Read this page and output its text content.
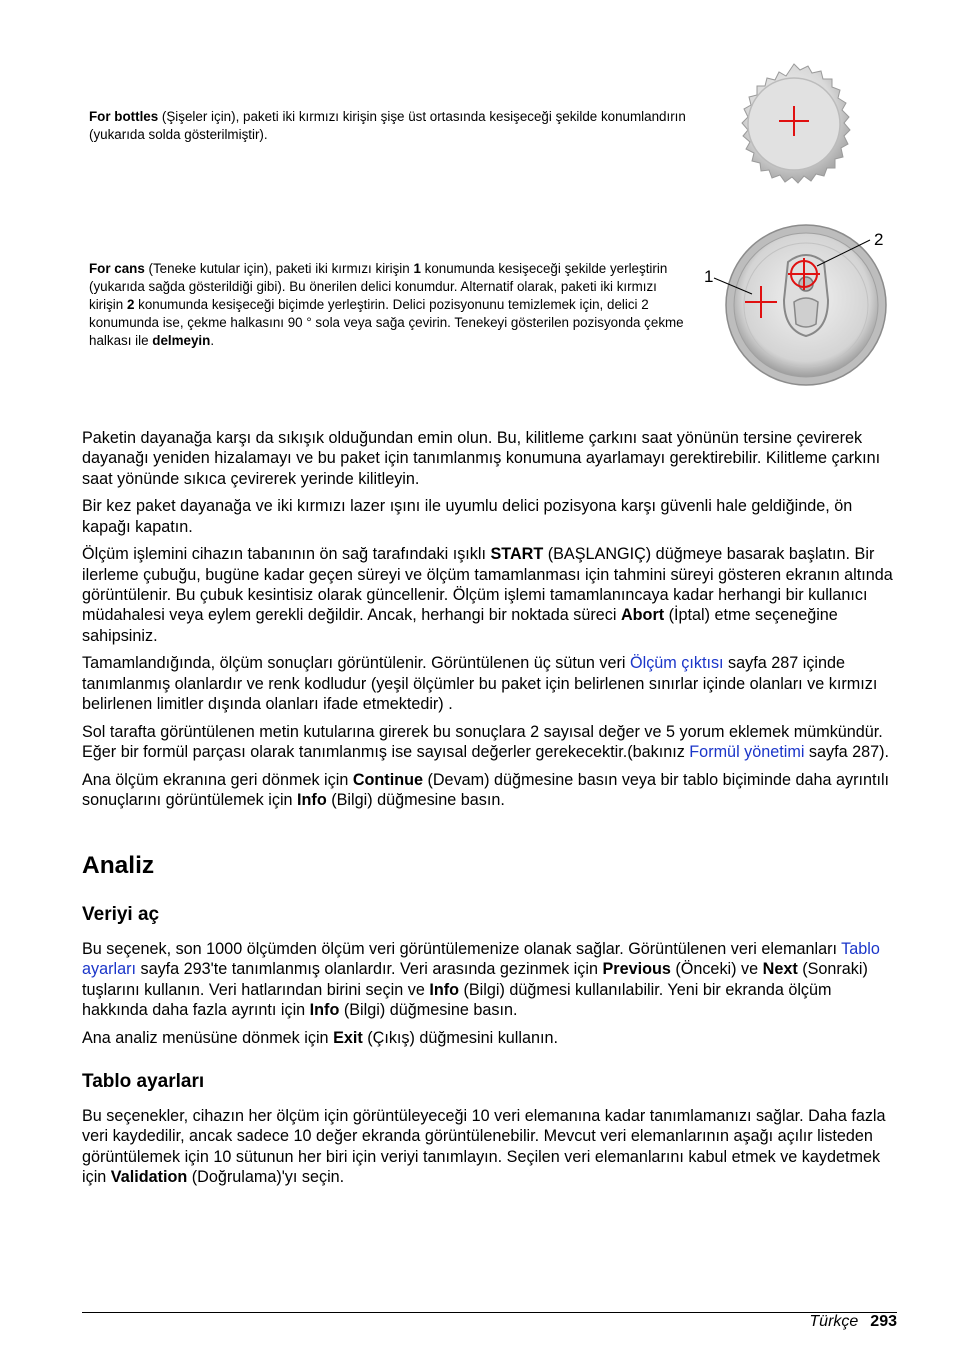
For bottles (Şişeler için), paketi iki kırmızı kirişin şişe üst ortasında kesişeceği şekilde konumlandırın (yukarıda solda gösterilmiştir).

For cans (Teneke kutular için), paketi iki kırmızı kirişin 1 konumunda kesişeceği şekilde yerleştirin (yukarıda sağda gösterildiği gibi). Bu önerilen delici konumdur. Alternatif olarak, paketi iki kırmızı kirişin 2 konumunda kesişeceği biçimde yerleştirin. Delici pozisyonunu temizlemek için, delici 2 konumunda ise, çekme halkasını 90 ° sola veya sağa çevirin. Tenekeyi gösterilen pozisyonda çekme halkası ile delmeyin.

1
2

Paketin dayanağa karşı da sıkışık olduğundan emin olun. Bu, kilitleme çarkını saat yönünün tersine çevirerek dayanağı yeniden hizalamayı ve bu paket için tanımlanmış konumuna ayarlamayı gerektirebilir. Kilitleme çarkını saat yönünde sıkıca çevirerek yerinde kilitleyin.

Bir kez paket dayanağa ve iki kırmızı lazer ışını ile uyumlu delici pozisyona karşı güvenli hale geldiğinde, ön kapağı kapatın.

Ölçüm işlemini cihazın tabanının ön sağ tarafındaki ışıklı START (BAŞLANGIÇ) düğmeye basarak başlatın. Bir ilerleme çubuğu, bugüne kadar geçen süreyi ve ölçüm tamamlanması için tahmini süreyi gösteren ekranın altında görüntülenir. Bu çubuk kesintisiz olarak güncellenir. Ölçüm işlemi tamamlanıncaya kadar herhangi bir kullanıcı müdahalesi veya eylem gerekli değildir. Ancak, herhangi bir noktada süreci Abort (İptal) etme seçeneğine sahipsiniz.

Tamamlandığında, ölçüm sonuçları görüntülenir. Görüntülenen üç sütun veri Ölçüm çıktısı sayfa 287 içinde tanımlanmış olanlardır ve renk kodludur (yeşil ölçümler bu paket için belirlenen sınırlar içinde olanları ve kırmızı belirlenen limitler dışında olanları ifade etmektedir) .

Sol tarafta görüntülenen metin kutularına girerek bu sonuçlara 2 sayısal değer ve 5 yorum eklemek mümkündür. Eğer bir formül parçası olarak tanımlanmış ise sayısal değerler gerekecektir.(bakınız Formül yönetimi sayfa 287).

Ana ölçüm ekranına geri dönmek için Continue (Devam) düğmesine basın veya bir tablo biçiminde daha ayrıntılı sonuçlarını görüntülemek için Info (Bilgi) düğmesine basın.

Analiz
Veriyi aç

Bu seçenek, son 1000 ölçümden ölçüm veri görüntülemenize olanak sağlar. Görüntülenen veri elemanları Tablo ayarları sayfa 293'te tanımlanmış olanlardır. Veri arasında gezinmek için Previous (Önceki) ve Next (Sonraki) tuşlarını kullanın. Veri hatlarından birini seçin ve Info (Bilgi) düğmesi kullanılabilir. Yeni bir ekranda ölçüm hakkında daha fazla ayrıntı için Info (Bilgi) düğmesine basın.

Ana analiz menüsüne dönmek için Exit (Çıkış) düğmesini kullanın.

Tablo ayarları

Bu seçenekler, cihazın her ölçüm için görüntüleyeceği 10 veri elemanına kadar tanımlamanızı sağlar. Daha fazla veri kaydedilir, ancak sadece 10 değer ekranda görüntülenebilir. Mevcut veri elemanlarının aşağı açılır listeden görüntülemek için 10 sütunun her biri için veriyi tanımlayın. Seçilen veri elemanlarını kabul etmek ve kaydetmek için Validation (Doğrulama)'yı seçin.

Türkçe 293
